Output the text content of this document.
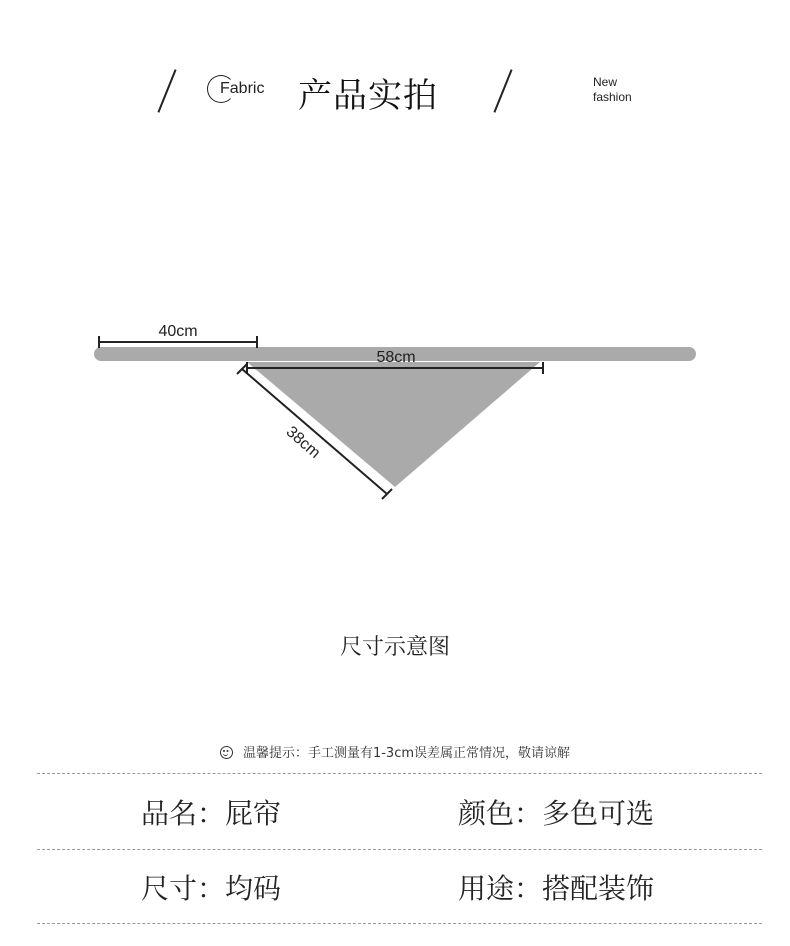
Fabric 产品实拍	New
fashion
40cm
58cm
38cm
尺寸示意图
温馨提示：手工测量有1-3cm误差属正常情况，敬请谅解
品名：屁帘	颜色：多色可选
尺寸：均码	用途：搭配装饰
